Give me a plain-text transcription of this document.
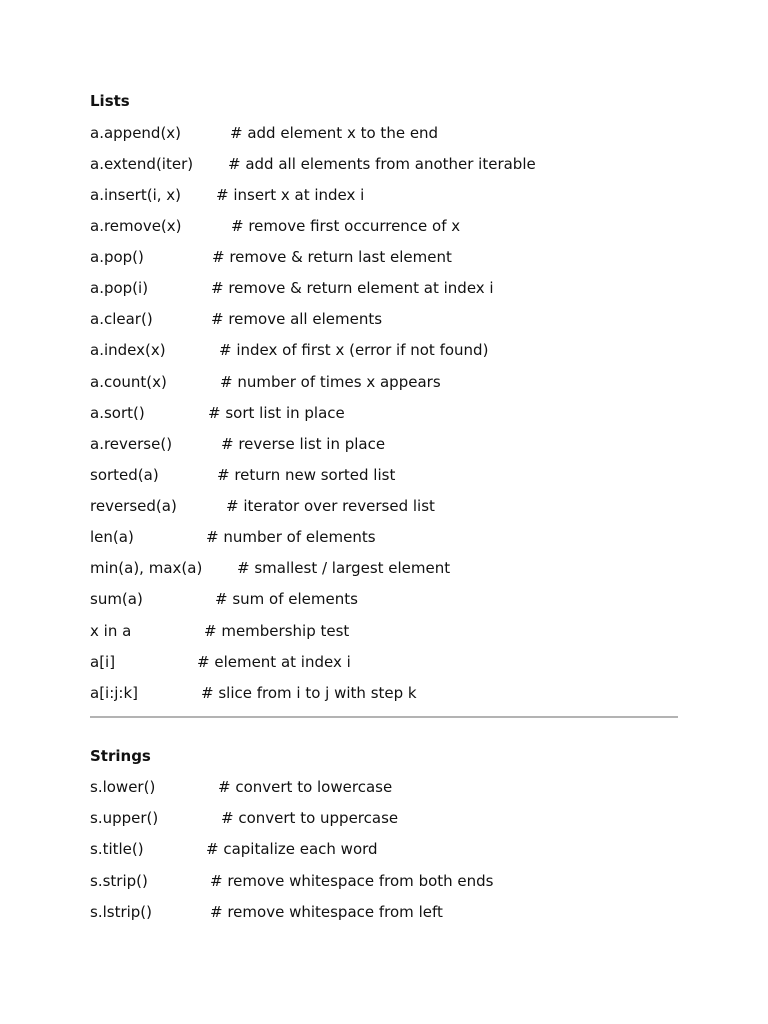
Lists
a.append(x)	# add element x to the end
a.extend(iter) # add all elements from another iterable
a.insert(i, x) # insert x at index i
a.remove(x)	# remove first occurrence of x
a.pop()	# remove & return last element
a.pop(i)	# remove & return element at index i
a.clear()	# remove all elements
a.index(x)	# index of first x (error if not found)
a.count(x)	# number of times x appears
a.sort()	# sort list in place
a.reverse()	# reverse list in place
sorted(a)	# return new sorted list
reversed(a)	# iterator over reversed list
len(a)	# number of elements
min(a), max(a) # smallest / largest element
sum(a)	# sum of elements
x in a	# membership test
a[i]	# element at index i
a[i:j:k]	# slice from i to j with step k
Strings
s.lower()	# convert to lowercase
s.upper()	# convert to uppercase
s.title()	# capitalize each word
s.strip()	# remove whitespace from both ends
s.lstrip()	# remove whitespace from left
